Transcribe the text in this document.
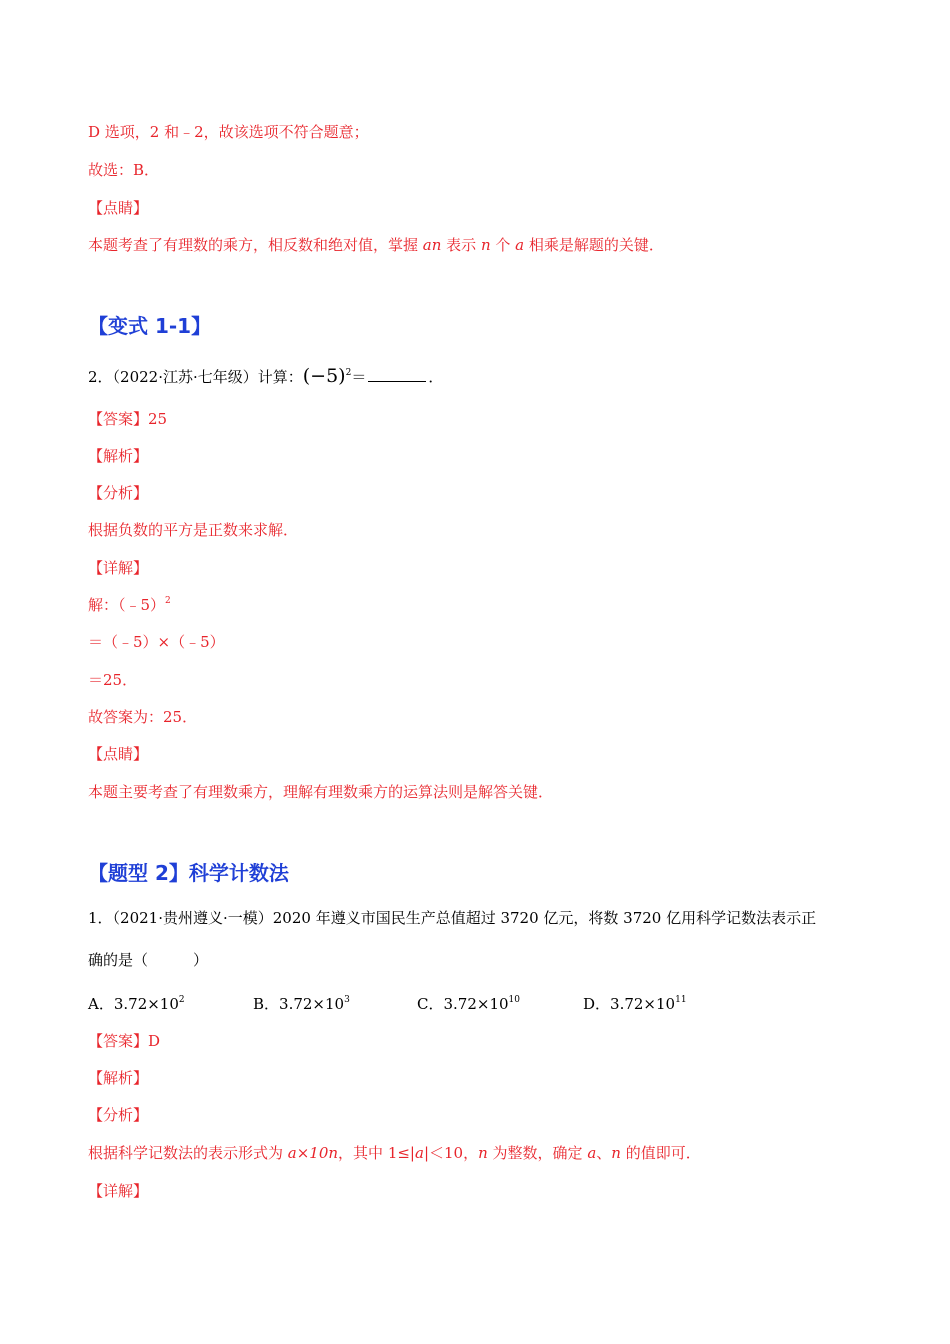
D 选项，2 和﹣2，故该选项不符合题意；
故选：B．
【点睛】
本题考查了有理数的乘方，相反数和绝对值，掌握 an 表示 n 个 a 相乘是解题的关键．
【变式 1-1】
2．（2022·江苏·七年级）计算：$(-5)^2=$	．
【答案】25
【解析】
【分析】
根据负数的平方是正数来求解．
【详解】
解：（﹣5）$^2$
＝（﹣5）×（﹣5）
＝25．
故答案为：25．
【点睛】
本题主要考查了有理数乘方，理解有理数乘方的运算法则是解答关键．
【题型 2】科学计数法
1．（2021·贵州遵义·一模）2020 年遵义市国民生产总值超过 3720 亿元，将数 3720 亿用科学记数法表示正
确的是（　　　）
A．$3.72\times 10^2$	B．$3.72\times 10^3$	C．$3.72\times 10^{10}$	D．$3.72\times 10^{11}$
【答案】D
【解析】
【分析】
根据科学记数法的表示形式为 a×10n，其中 1≤|a|＜10，n 为整数，确定 a、n 的值即可．
【详解】
